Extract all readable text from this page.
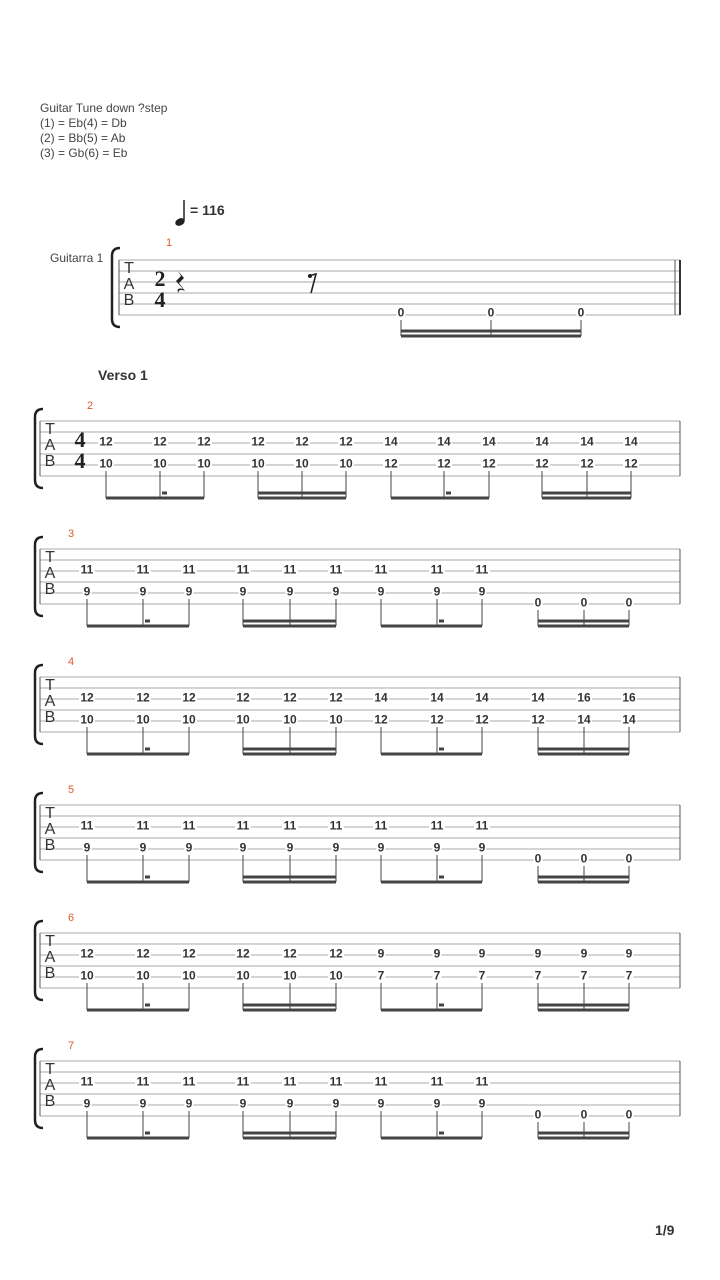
Guitar Tune down ?step
(1) = Eb(4) = Db
(2) = Bb(5) = Ab
(3) = Gb(6) = Eb
= 116
Guitarra 1
Verso 1
T
A
B
1
2
4
0	0	0
T
A
B
2
4
4
12	12	12	12	12	12	14	14	14	14	14	14
10	10	10	10	10	10	12	12	12	12	12	12
T
A
B
3
11	11	11	11	11	11	11	11	11
9	9	9	9	9	9	9	9	9
0	0	0
T
A
B
4
12	12	12	12	12	12	14	14	14	14	16	16
10	10	10	10	10	10	12	12	12	12	14	14
T
A
B
5
11	11	11	11	11	11	11	11	11
9	9	9	9	9	9	9	9	9
0	0	0
T
A
B
6
12	12	12	12	12	12	9	9	9	9	9	9
10	10	10	10	10	10	7	7	7	7	7	7
T
A
B
7
11	11	11	11	11	11	11	11	11
9	9	9	9	9	9	9	9	9
0	0	0
1/9
